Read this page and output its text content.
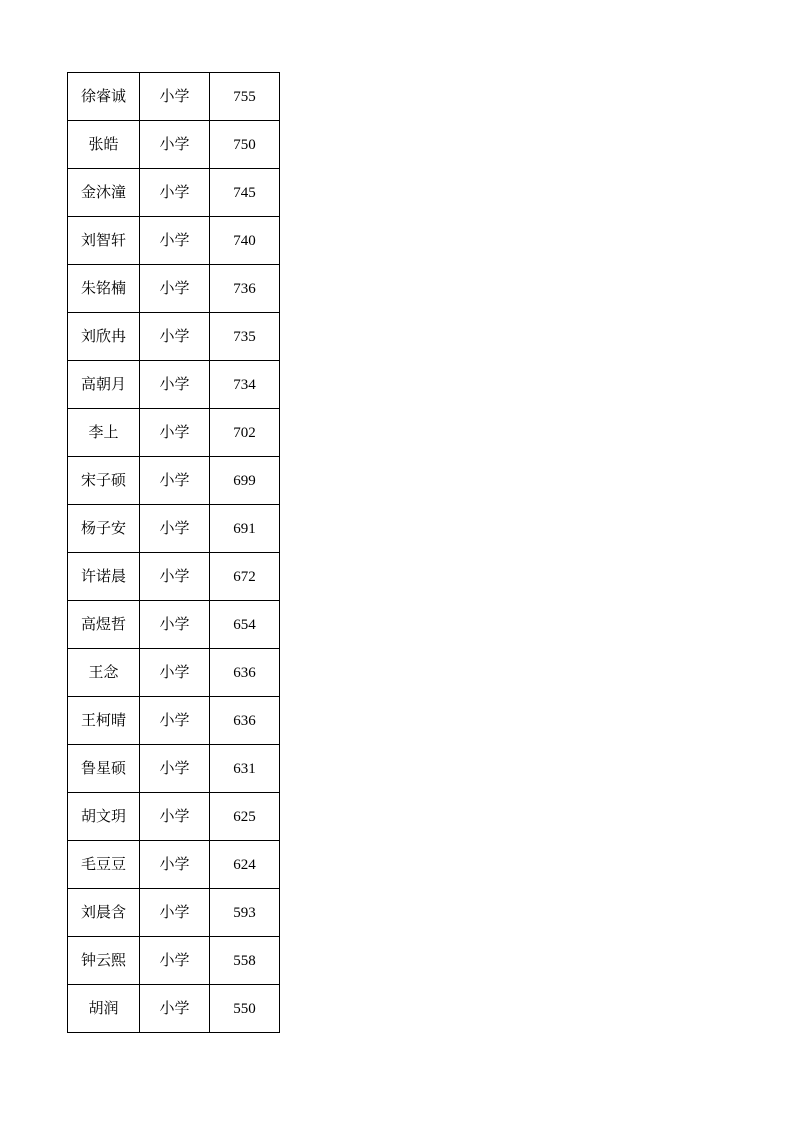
徐睿诚	小学	755
张皓	小学	750
金沐潼	小学	745
刘智轩	小学	740
朱铭楠	小学	736
刘欣冉	小学	735
高朝月	小学	734
李上	小学	702
宋子硕	小学	699
杨子安	小学	691
许诺晨	小学	672
高煜哲	小学	654
王念	小学	636
王柯晴	小学	636
鲁星硕	小学	631
胡文玥	小学	625
毛豆豆	小学	624
刘晨含	小学	593
钟云熙	小学	558
胡润	小学	550
